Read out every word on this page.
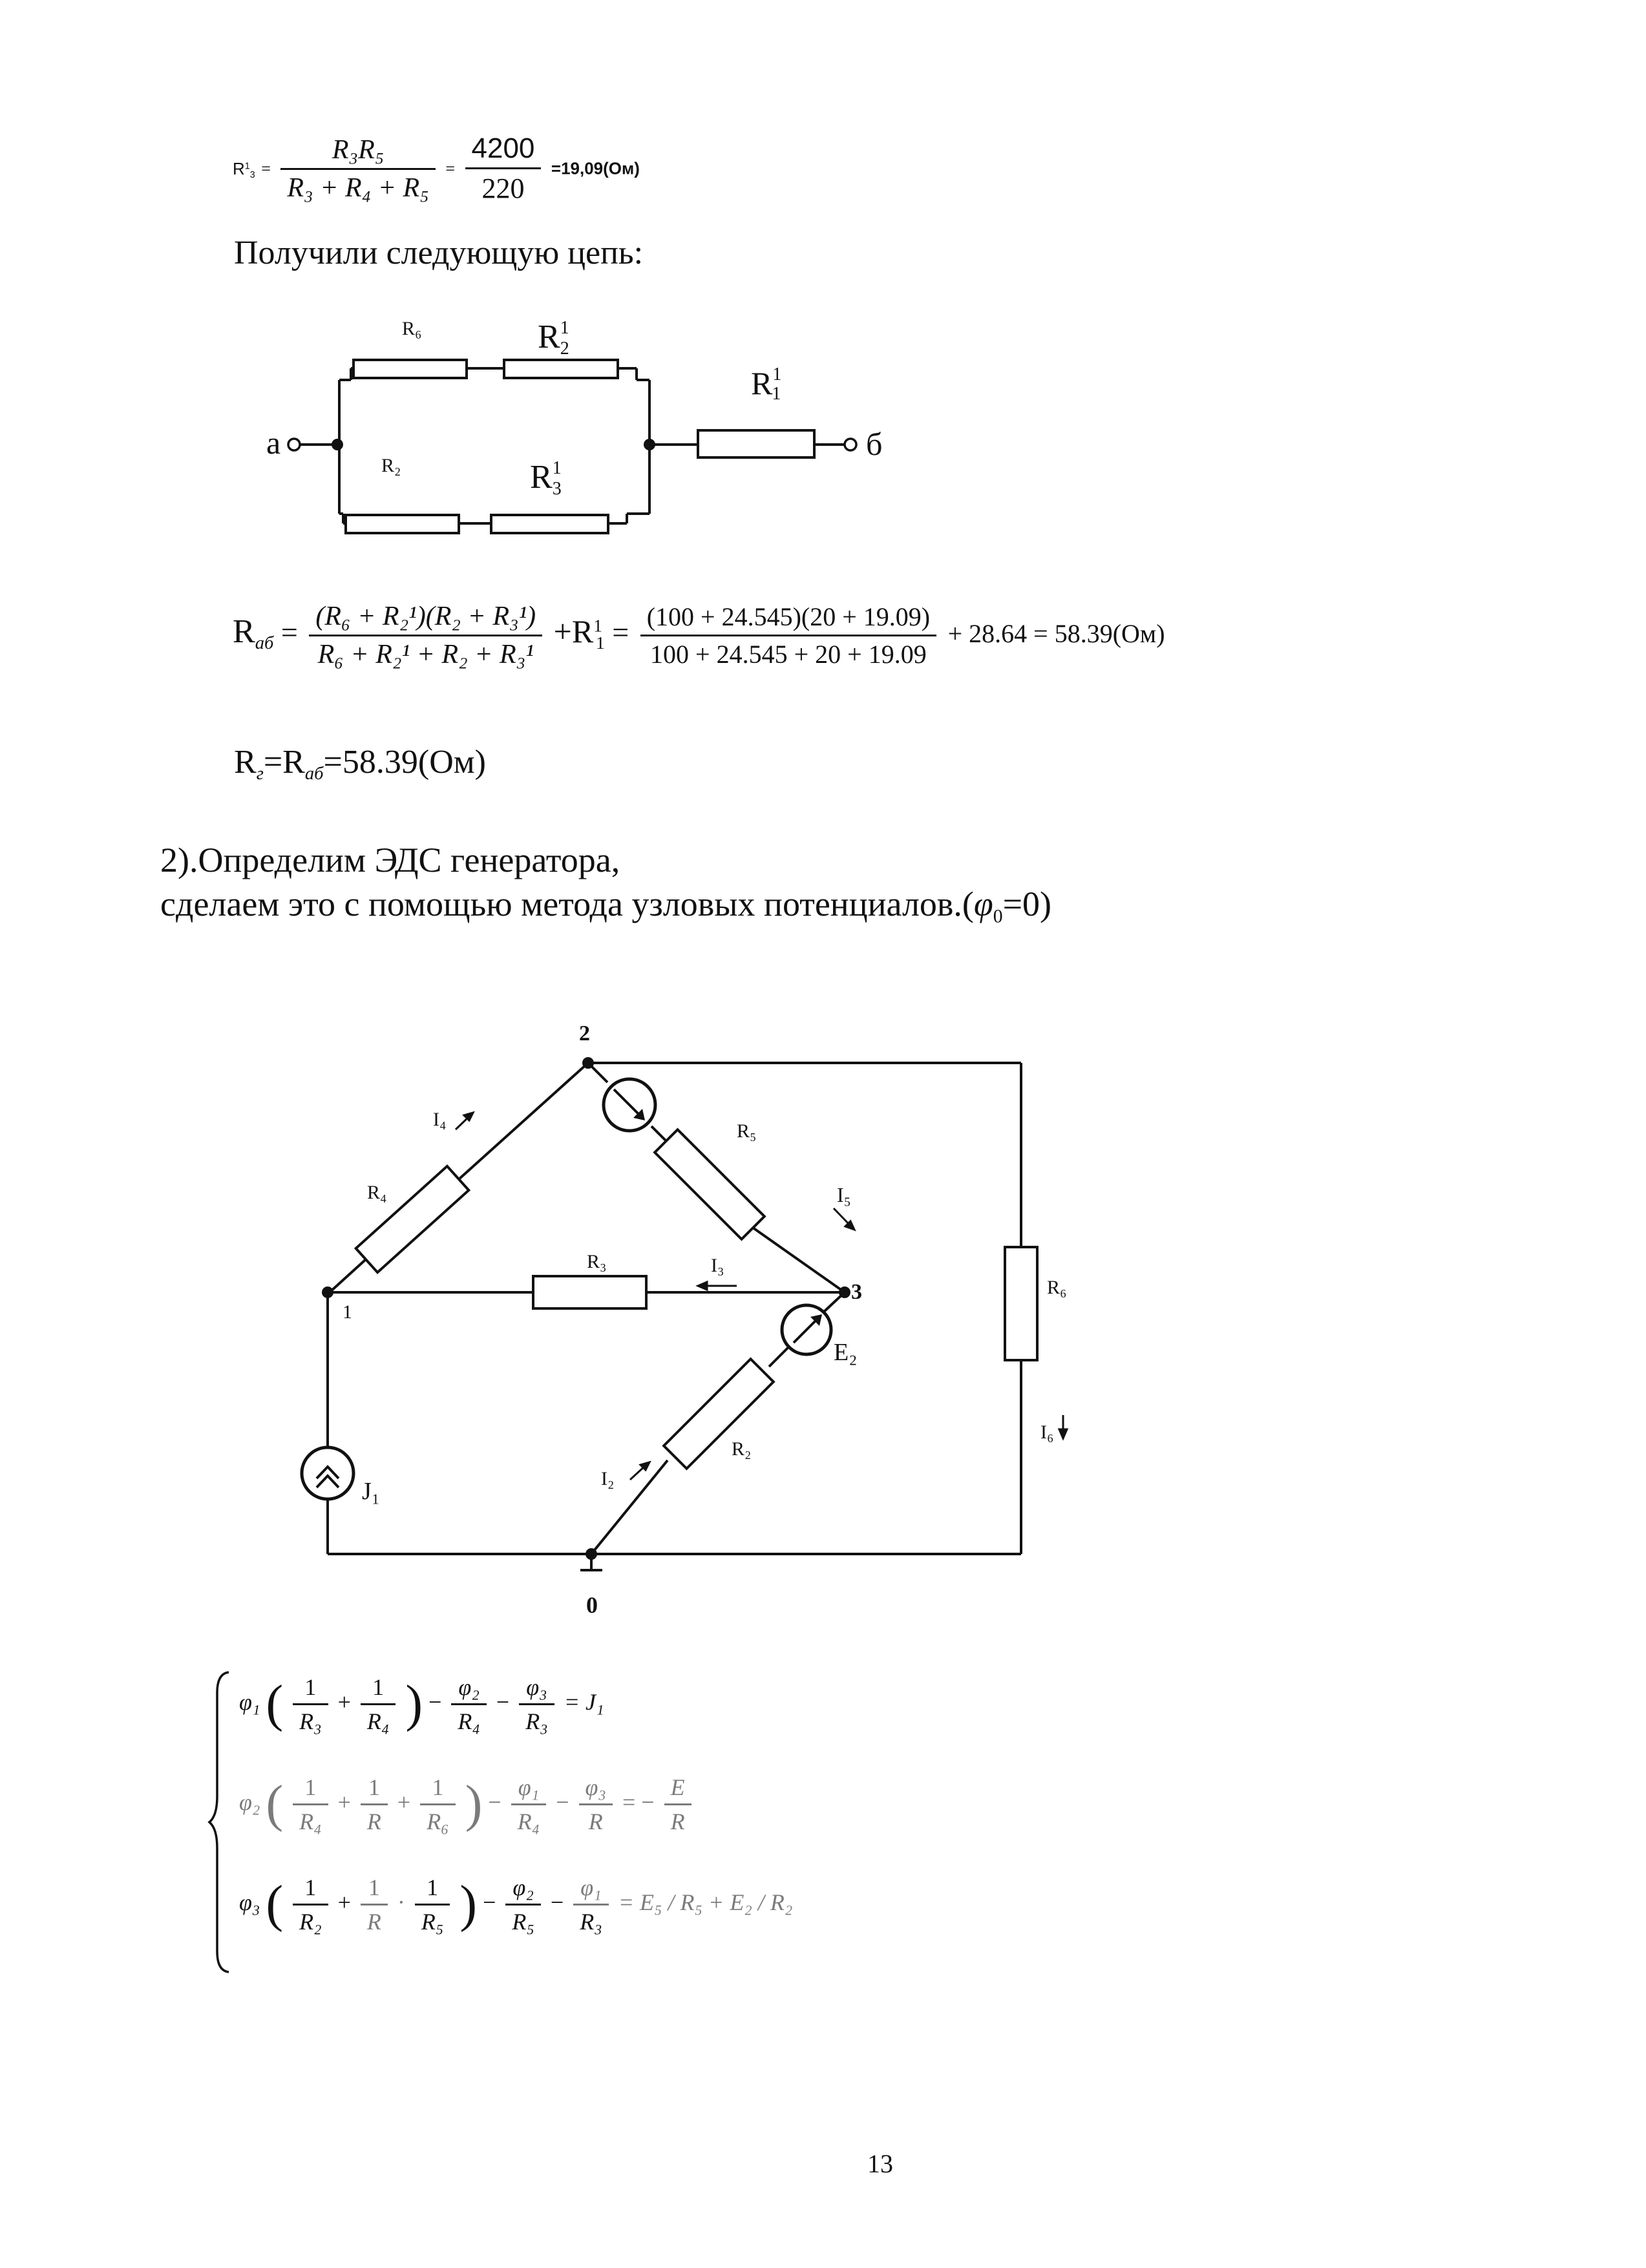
$R^1_3 = \frac{\text{R₃R₅}}{\text{R₃ + R₄ + R₅}} = \frac{4200}{220} =19,09(Ом)$
Получили следующую цепь:
R₆	$R^1$ 2
$R^1$ 1
R₂	$R^1$ 3
а	б
$R_{аб} = \frac{\text{(R₆ + R₂¹)(R₂ + R₃¹)}}{\text{R₆ + R₂¹ + R₂ + R₃¹}} +R^1_1 = \frac{(100 + 24.545)(20 + 19.09)}{100 + 24.545 + 20 + 19.09} + 28.64 = 58.39(Ом)$
$R_г=R_{аб}=58.39(Ом)$
2).Определим ЭДС генератора,
сделаем это с помощью метода узловых $потенциалов.(\varphi_0=0)$
2
1
3
0
R₄
R₅
R₃
R₂
R₆
I₄
I₅
I₃
I₂
I₆
E₂
J₁
φ₁ ( $\frac{1}{\text{R₃}} + \frac{1}{\text{R₄}}$ ) − $\frac{\text{φ₂}}{\text{R₄}} - \frac{\text{φ₃}}{\text{R₃}} = J_1$
φ₂ ( $\frac{1}{\text{R₄}} + \frac{1}{R} + \frac{1}{\text{R₆}}$ ) − $\frac{\text{φ₁}}{\text{R₄}} - \frac{\text{φ₃}}{R}$ = − $\frac{E}{R}$
φ₃ ( $\frac{1}{\text{R₂}} + \frac{1}{R} \cdot \frac{1}{\text{R₅}}$ ) − $\frac{\text{φ₂}}{\text{R₅}} - \frac{\text{φ₁}}{\text{R₃}} = E_5 / R_5 + E_2 / R_2$
13
